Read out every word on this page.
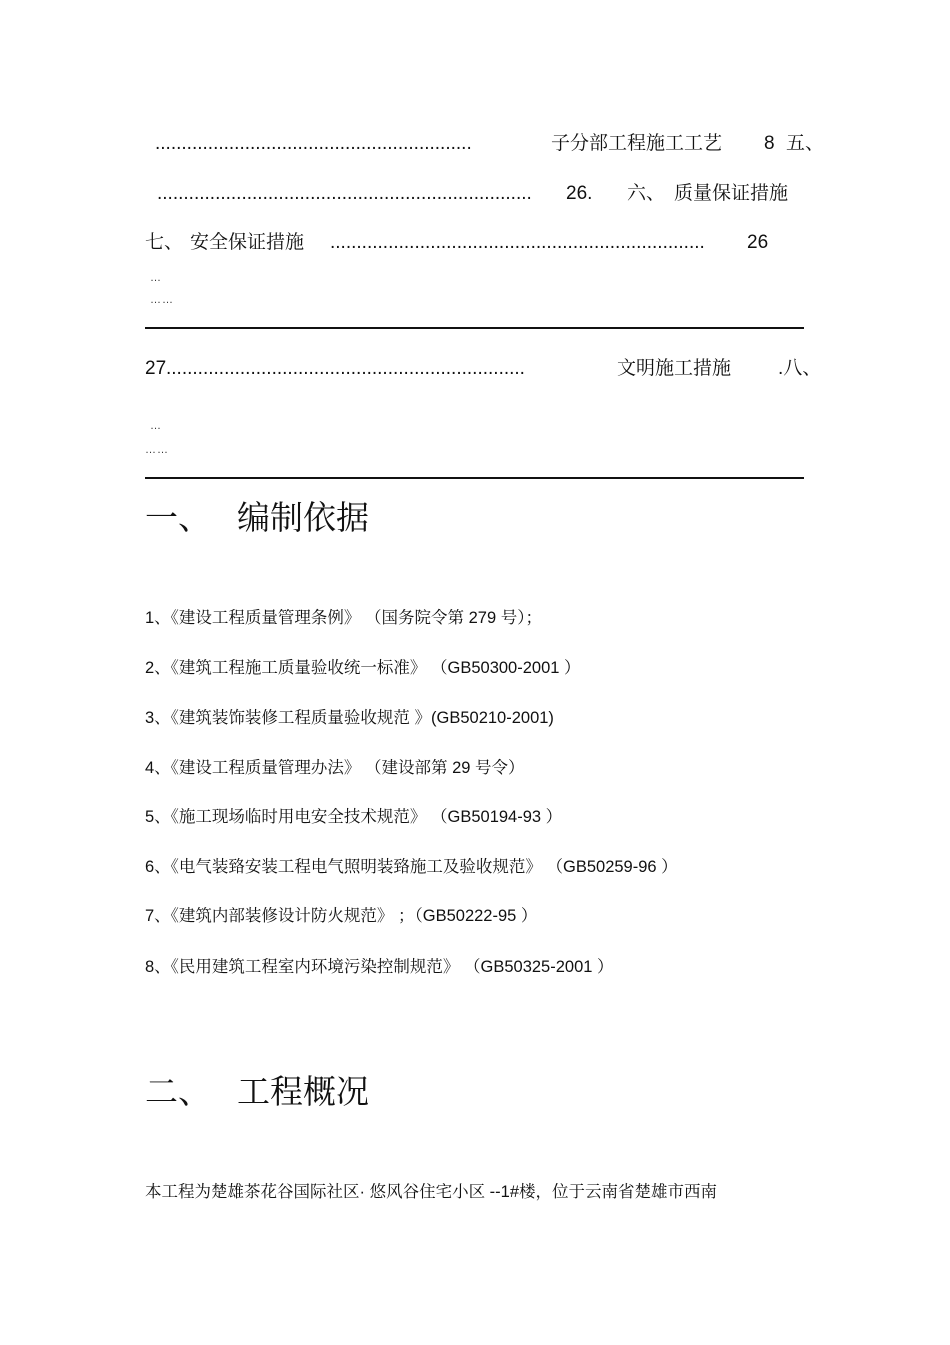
............................................................	子分部工程施工工艺 8 五、
....................................................................... 26. 六、 质量保证措施
七、 安全保证措施 ....................................................................... 26
…
……
27 ....................................................................	文明施工措施 .八、
…
……
一、 编制依据
1、《建设工程质量管理条例》 （国务院令第 279 号）；
2、《建筑工程施工质量验收统一标准》 （GB50300-2001 ）
3、《建筑装饰装修工程质量验收规范 》(GB50210-2001)
4、《建设工程质量管理办法》 （建设部第 29 号令）
5、《施工现场临时用电安全技术规范》 （GB50194-93 ）
6、《电气装臵安装工程电气照明装臵施工及验收规范》 （GB50259-96 ）
7、《建筑内部装修设计防火规范》 ；（GB50222-95 ）
8、《民用建筑工程室内环境污染控制规范》 （GB50325-2001 ）
二、 工程概况
本工程为楚雄茶花谷国际社区· 悠风谷住宅小区 --1#楼，位于云南省楚雄市西南
